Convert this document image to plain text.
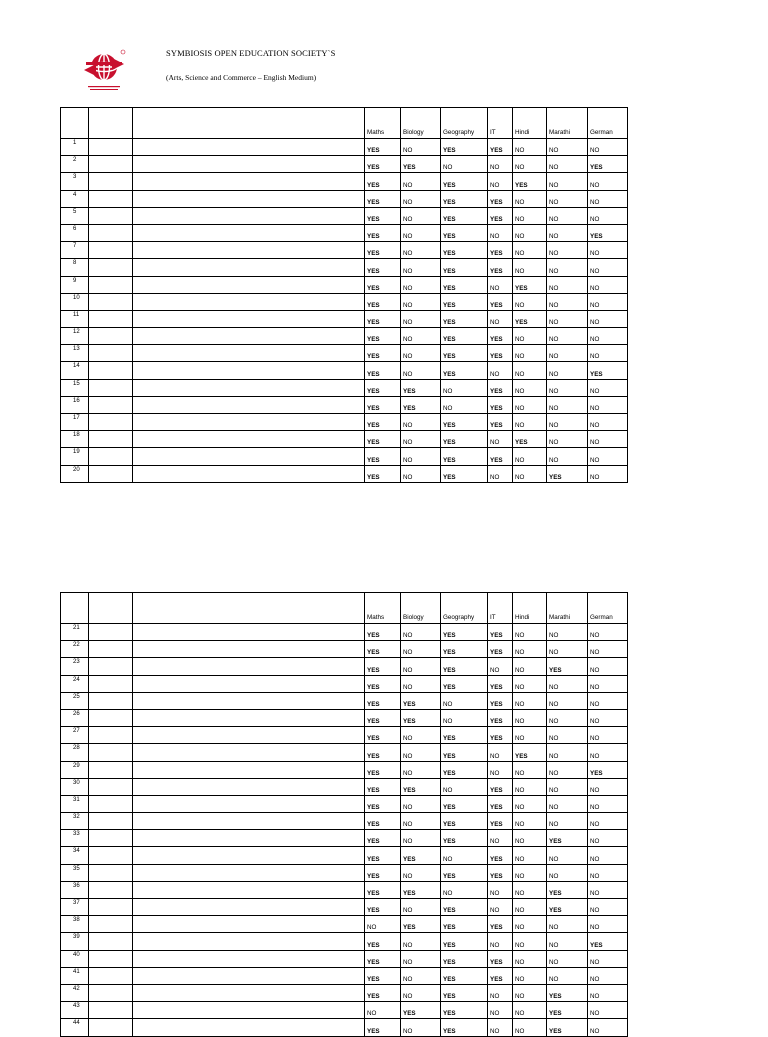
SYMBIOSIS OPEN EDUCATION SOCIETY`S
(Arts, Science and Commerce – English Medium)
			Maths	Biology	Geography	IT	Hindi	Marathi	German
1			YES	NO	YES	YES	NO	NO	NO
2			YES	YES	NO	NO	NO	NO	YES
3			YES	NO	YES	NO	YES	NO	NO
4			YES	NO	YES	YES	NO	NO	NO
5			YES	NO	YES	YES	NO	NO	NO
6			YES	NO	YES	NO	NO	NO	YES
7			YES	NO	YES	YES	NO	NO	NO
8			YES	NO	YES	YES	NO	NO	NO
9			YES	NO	YES	NO	YES	NO	NO
10			YES	NO	YES	YES	NO	NO	NO
11			YES	NO	YES	NO	YES	NO	NO
12			YES	NO	YES	YES	NO	NO	NO
13			YES	NO	YES	YES	NO	NO	NO
14			YES	NO	YES	NO	NO	NO	YES
15			YES	YES	NO	YES	NO	NO	NO
16			YES	YES	NO	YES	NO	NO	NO
17			YES	NO	YES	YES	NO	NO	NO
18			YES	NO	YES	NO	YES	NO	NO
19			YES	NO	YES	YES	NO	NO	NO
20			YES	NO	YES	NO	NO	YES	NO
			Maths	Biology	Geography	IT	Hindi	Marathi	German
21			YES	NO	YES	YES	NO	NO	NO
22			YES	NO	YES	YES	NO	NO	NO
23			YES	NO	YES	NO	NO	YES	NO
24			YES	NO	YES	YES	NO	NO	NO
25			YES	YES	NO	YES	NO	NO	NO
26			YES	YES	NO	YES	NO	NO	NO
27			YES	NO	YES	YES	NO	NO	NO
28			YES	NO	YES	NO	YES	NO	NO
29			YES	NO	YES	NO	NO	NO	YES
30			YES	YES	NO	YES	NO	NO	NO
31			YES	NO	YES	YES	NO	NO	NO
32			YES	NO	YES	YES	NO	NO	NO
33			YES	NO	YES	NO	NO	YES	NO
34			YES	YES	NO	YES	NO	NO	NO
35			YES	NO	YES	YES	NO	NO	NO
36			YES	YES	NO	NO	NO	YES	NO
37			YES	NO	YES	NO	NO	YES	NO
38			NO	YES	YES	YES	NO	NO	NO
39			YES	NO	YES	NO	NO	NO	YES
40			YES	NO	YES	YES	NO	NO	NO
41			YES	NO	YES	YES	NO	NO	NO
42			YES	NO	YES	NO	NO	YES	NO
43			NO	YES	YES	NO	NO	YES	NO
44			YES	NO	YES	NO	NO	YES	NO
